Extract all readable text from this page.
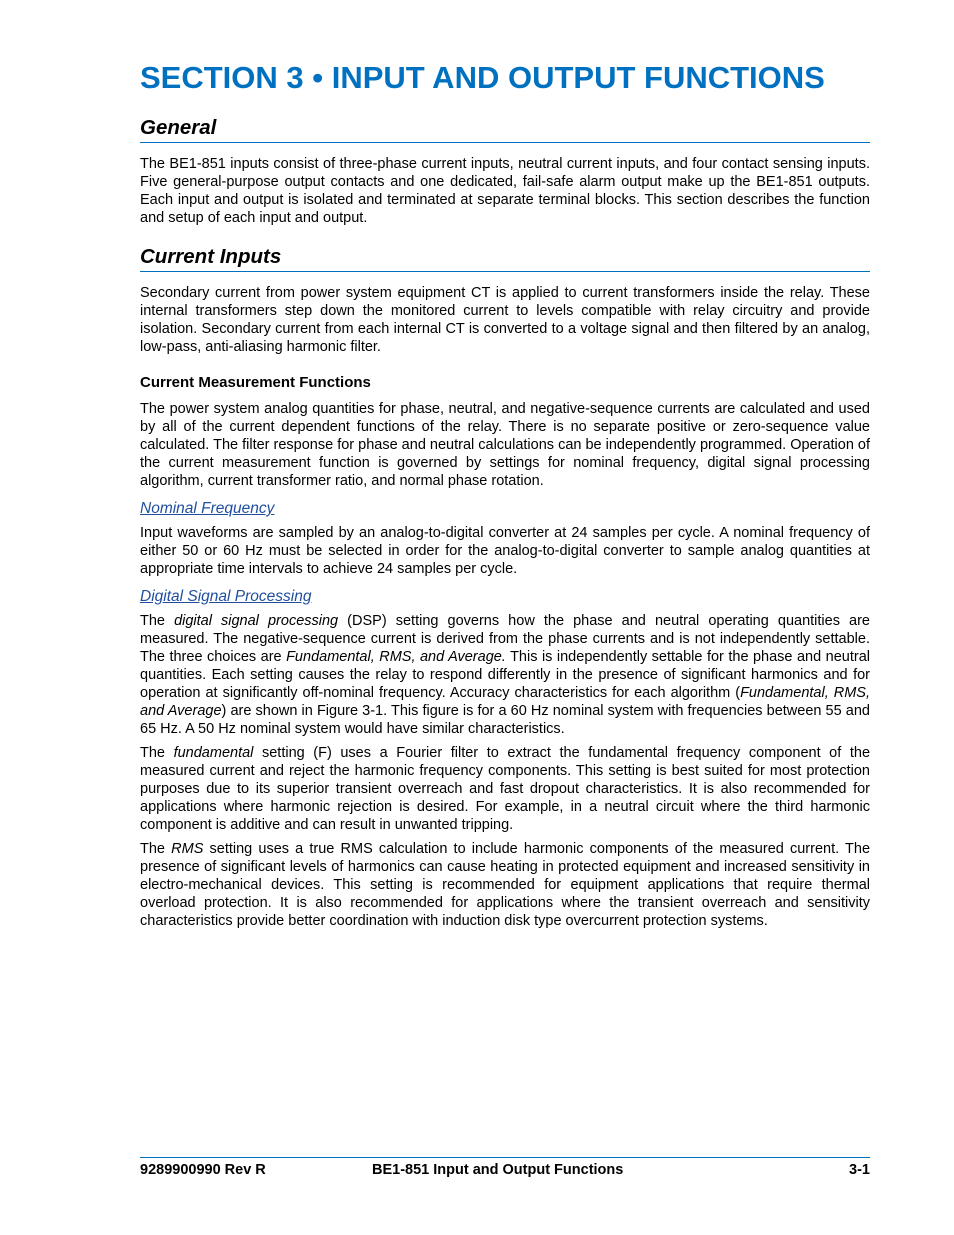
SECTION 3 • INPUT AND OUTPUT FUNCTIONS
General

The BE1-851 inputs consist of three-phase current inputs, neutral current inputs, and four contact sensing inputs. Five general-purpose output contacts and one dedicated, fail-safe alarm output make up the BE1-851 outputs. Each input and output is isolated and terminated at separate terminal blocks. This section describes the function and setup of each input and output.

Current Inputs

Secondary current from power system equipment CT is applied to current transformers inside the relay. These internal transformers step down the monitored current to levels compatible with relay circuitry and provide isolation. Secondary current from each internal CT is converted to a voltage signal and then filtered by an analog, low-pass, anti-aliasing harmonic filter.

Current Measurement Functions

The power system analog quantities for phase, neutral, and negative-sequence currents are calculated and used by all of the current dependent functions of the relay. There is no separate positive or zero-sequence value calculated. The filter response for phase and neutral calculations can be independently programmed. Operation of the current measurement function is governed by settings for nominal frequency, digital signal processing algorithm, current transformer ratio, and normal phase rotation.

Nominal Frequency

Input waveforms are sampled by an analog-to-digital converter at 24 samples per cycle. A nominal frequency of either 50 or 60 Hz must be selected in order for the analog-to-digital converter to sample analog quantities at appropriate time intervals to achieve 24 samples per cycle.

Digital Signal Processing

The digital signal processing (DSP) setting governs how the phase and neutral operating quantities are measured. The negative-sequence current is derived from the phase currents and is not independently settable. The three choices are Fundamental, RMS, and Average. This is independently settable for the phase and neutral quantities. Each setting causes the relay to respond differently in the presence of significant harmonics and for operation at significantly off-nominal frequency. Accuracy characteristics for each algorithm (Fundamental, RMS, and Average) are shown in Figure 3-1. This figure is for a 60 Hz nominal system with frequencies between 55 and 65 Hz. A 50 Hz nominal system would have similar characteristics.

The fundamental setting (F) uses a Fourier filter to extract the fundamental frequency component of the measured current and reject the harmonic frequency components. This setting is best suited for most protection purposes due to its superior transient overreach and fast dropout characteristics. It is also recommended for applications where harmonic rejection is desired. For example, in a neutral circuit where the third harmonic component is additive and can result in unwanted tripping.

The RMS setting uses a true RMS calculation to include harmonic components of the measured current. The presence of significant levels of harmonics can cause heating in protected equipment and increased sensitivity in electro-mechanical devices. This setting is recommended for equipment applications that require thermal overload protection. It is also recommended for applications where the transient overreach and sensitivity characteristics provide better coordination with induction disk type overcurrent protection systems.

9289900990 Rev R	BE1-851 Input and Output Functions	3-1
